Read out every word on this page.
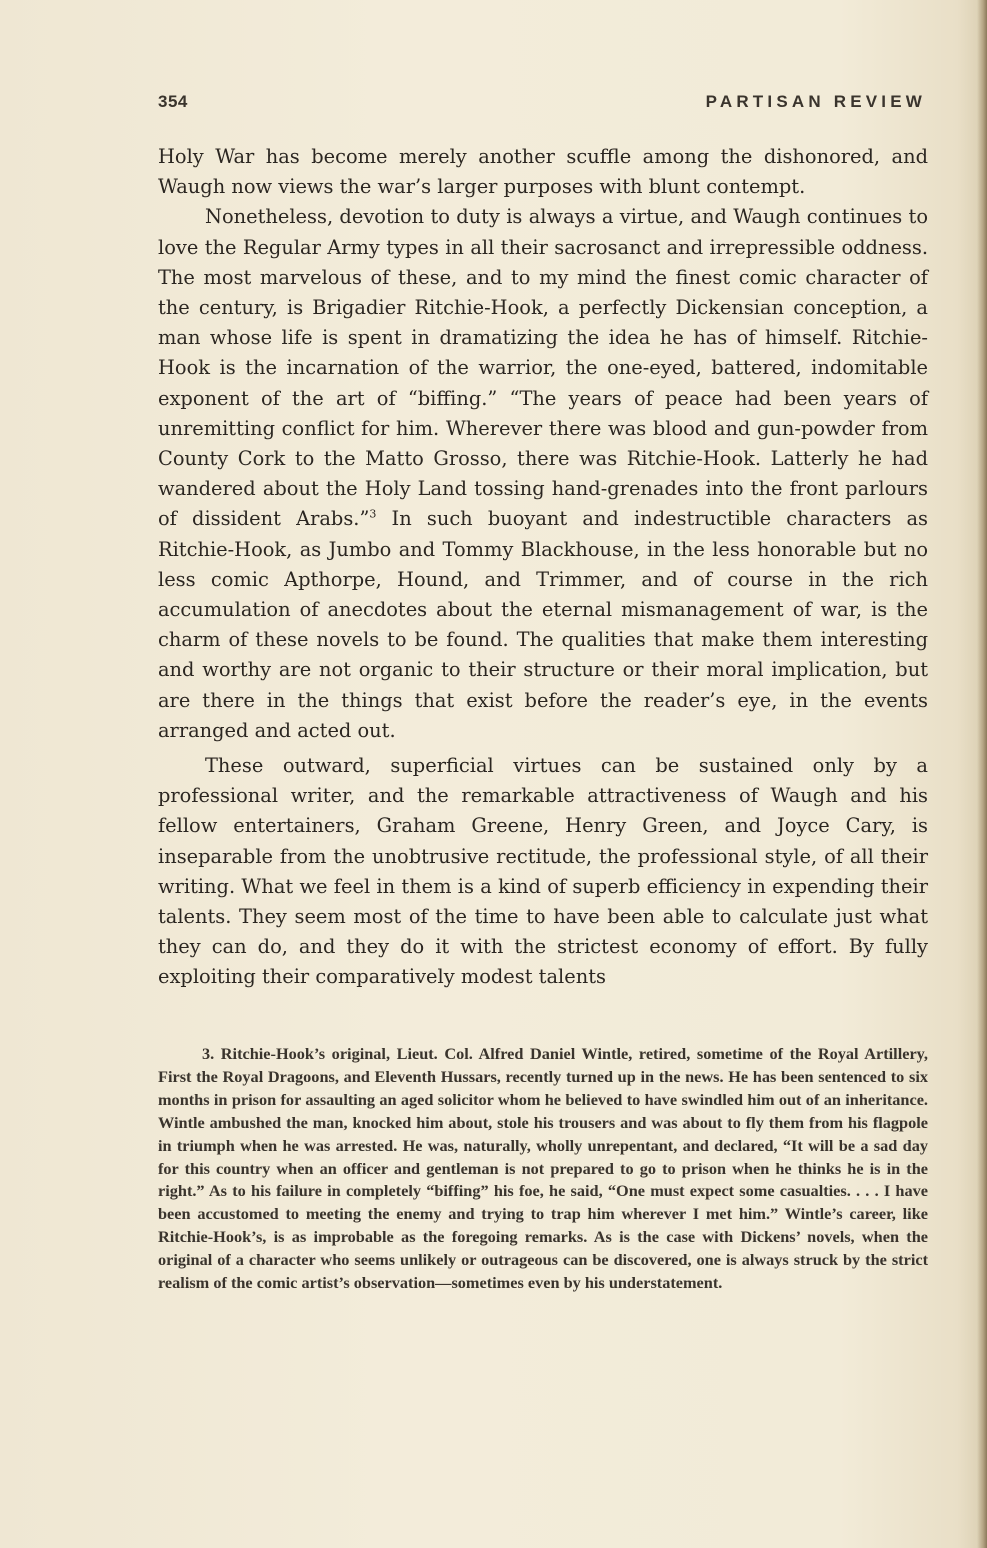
354	PARTISAN REVIEW

Holy War has become merely another scuffle among the dishonored, and Waugh now views the war’s larger purposes with blunt contempt.

Nonetheless, devotion to duty is always a virtue, and Waugh continues to love the Regular Army types in all their sacrosanct and irrepressible oddness. The most marvelous of these, and to my mind the finest comic character of the century, is Brigadier Ritchie-Hook, a perfectly Dickensian conception, a man whose life is spent in dramatizing the idea he has of himself. Ritchie-Hook is the incarnation of the warrior, the one-eyed, battered, indomitable exponent of the art of “biffing.” “The years of peace had been years of unremitting conflict for him. Wherever there was blood and gun-powder from County Cork to the Matto Grosso, there was Ritchie-Hook. Latterly he had wandered about the Holy Land tossing hand-grenades into the front parlours of dissident Arabs.”$^3$ In such buoyant and indestructible characters as Ritchie-Hook, as Jumbo and Tommy Blackhouse, in the less honorable but no less comic Apthorpe, Hound, and Trimmer, and of course in the rich accumulation of anecdotes about the eternal mismanagement of war, is the charm of these novels to be found. The qualities that make them interesting and worthy are not organic to their structure or their moral implication, but are there in the things that exist before the reader’s eye, in the events arranged and acted out.

These outward, superficial virtues can be sustained only by a professional writer, and the remarkable attractiveness of Waugh and his fellow entertainers, Graham Greene, Henry Green, and Joyce Cary, is inseparable from the unobtrusive rectitude, the professional style, of all their writing. What we feel in them is a kind of superb efficiency in expending their talents. They seem most of the time to have been able to calculate just what they can do, and they do it with the strictest economy of effort. By fully exploiting their comparatively modest talents

3. Ritchie-Hook’s original, Lieut. Col. Alfred Daniel Wintle, retired, sometime of the Royal Artillery, First the Royal Dragoons, and Eleventh Hussars, recently turned up in the news. He has been sentenced to six months in prison for assaulting an aged solicitor whom he believed to have swindled him out of an inheritance. Wintle ambushed the man, knocked him about, stole his trousers and was about to fly them from his flagpole in triumph when he was arrested. He was, naturally, wholly unrepentant, and declared, “It will be a sad day for this country when an officer and gentleman is not prepared to go to prison when he thinks he is in the right.” As to his failure in completely “biffing” his foe, he said, “One must expect some casualties. . . . I have been accustomed to meeting the enemy and trying to trap him wherever I met him.” Wintle’s career, like Ritchie-Hook’s, is as improbable as the foregoing remarks. As is the case with Dickens’ novels, when the original of a character who seems unlikely or outrageous can be discovered, one is always struck by the strict realism of the comic artist’s observation—sometimes even by his understatement.
